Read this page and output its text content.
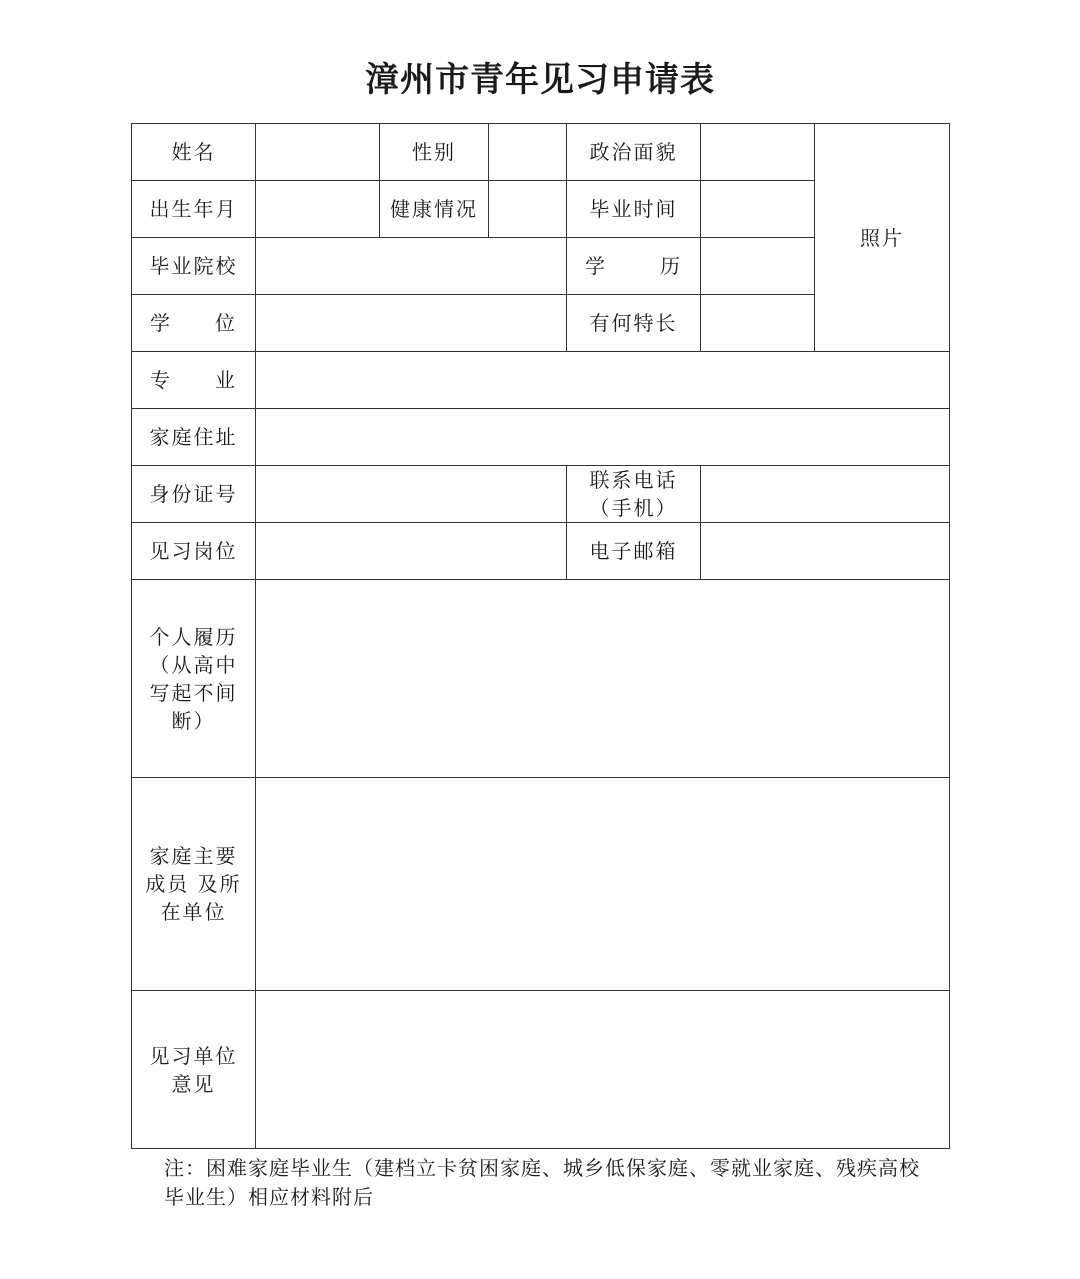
漳州市青年见习申请表
姓名		性别		政治面貌		照片
出生年月		健康情况		毕业时间		
毕业院校				学 历		

学 位				有何特长		

专 业						

家庭住址						
身份证号				联系电话
（手机）		
见习岗位				电子邮箱		
个人履历
（从高中
写起不间
断）						
家庭主要
成员 及所
在单位						
见习单位
意见						
注：困难家庭毕业生（建档立卡贫困家庭、城乡低保家庭、零就业家庭、残疾高校毕业生）相应材料附后
